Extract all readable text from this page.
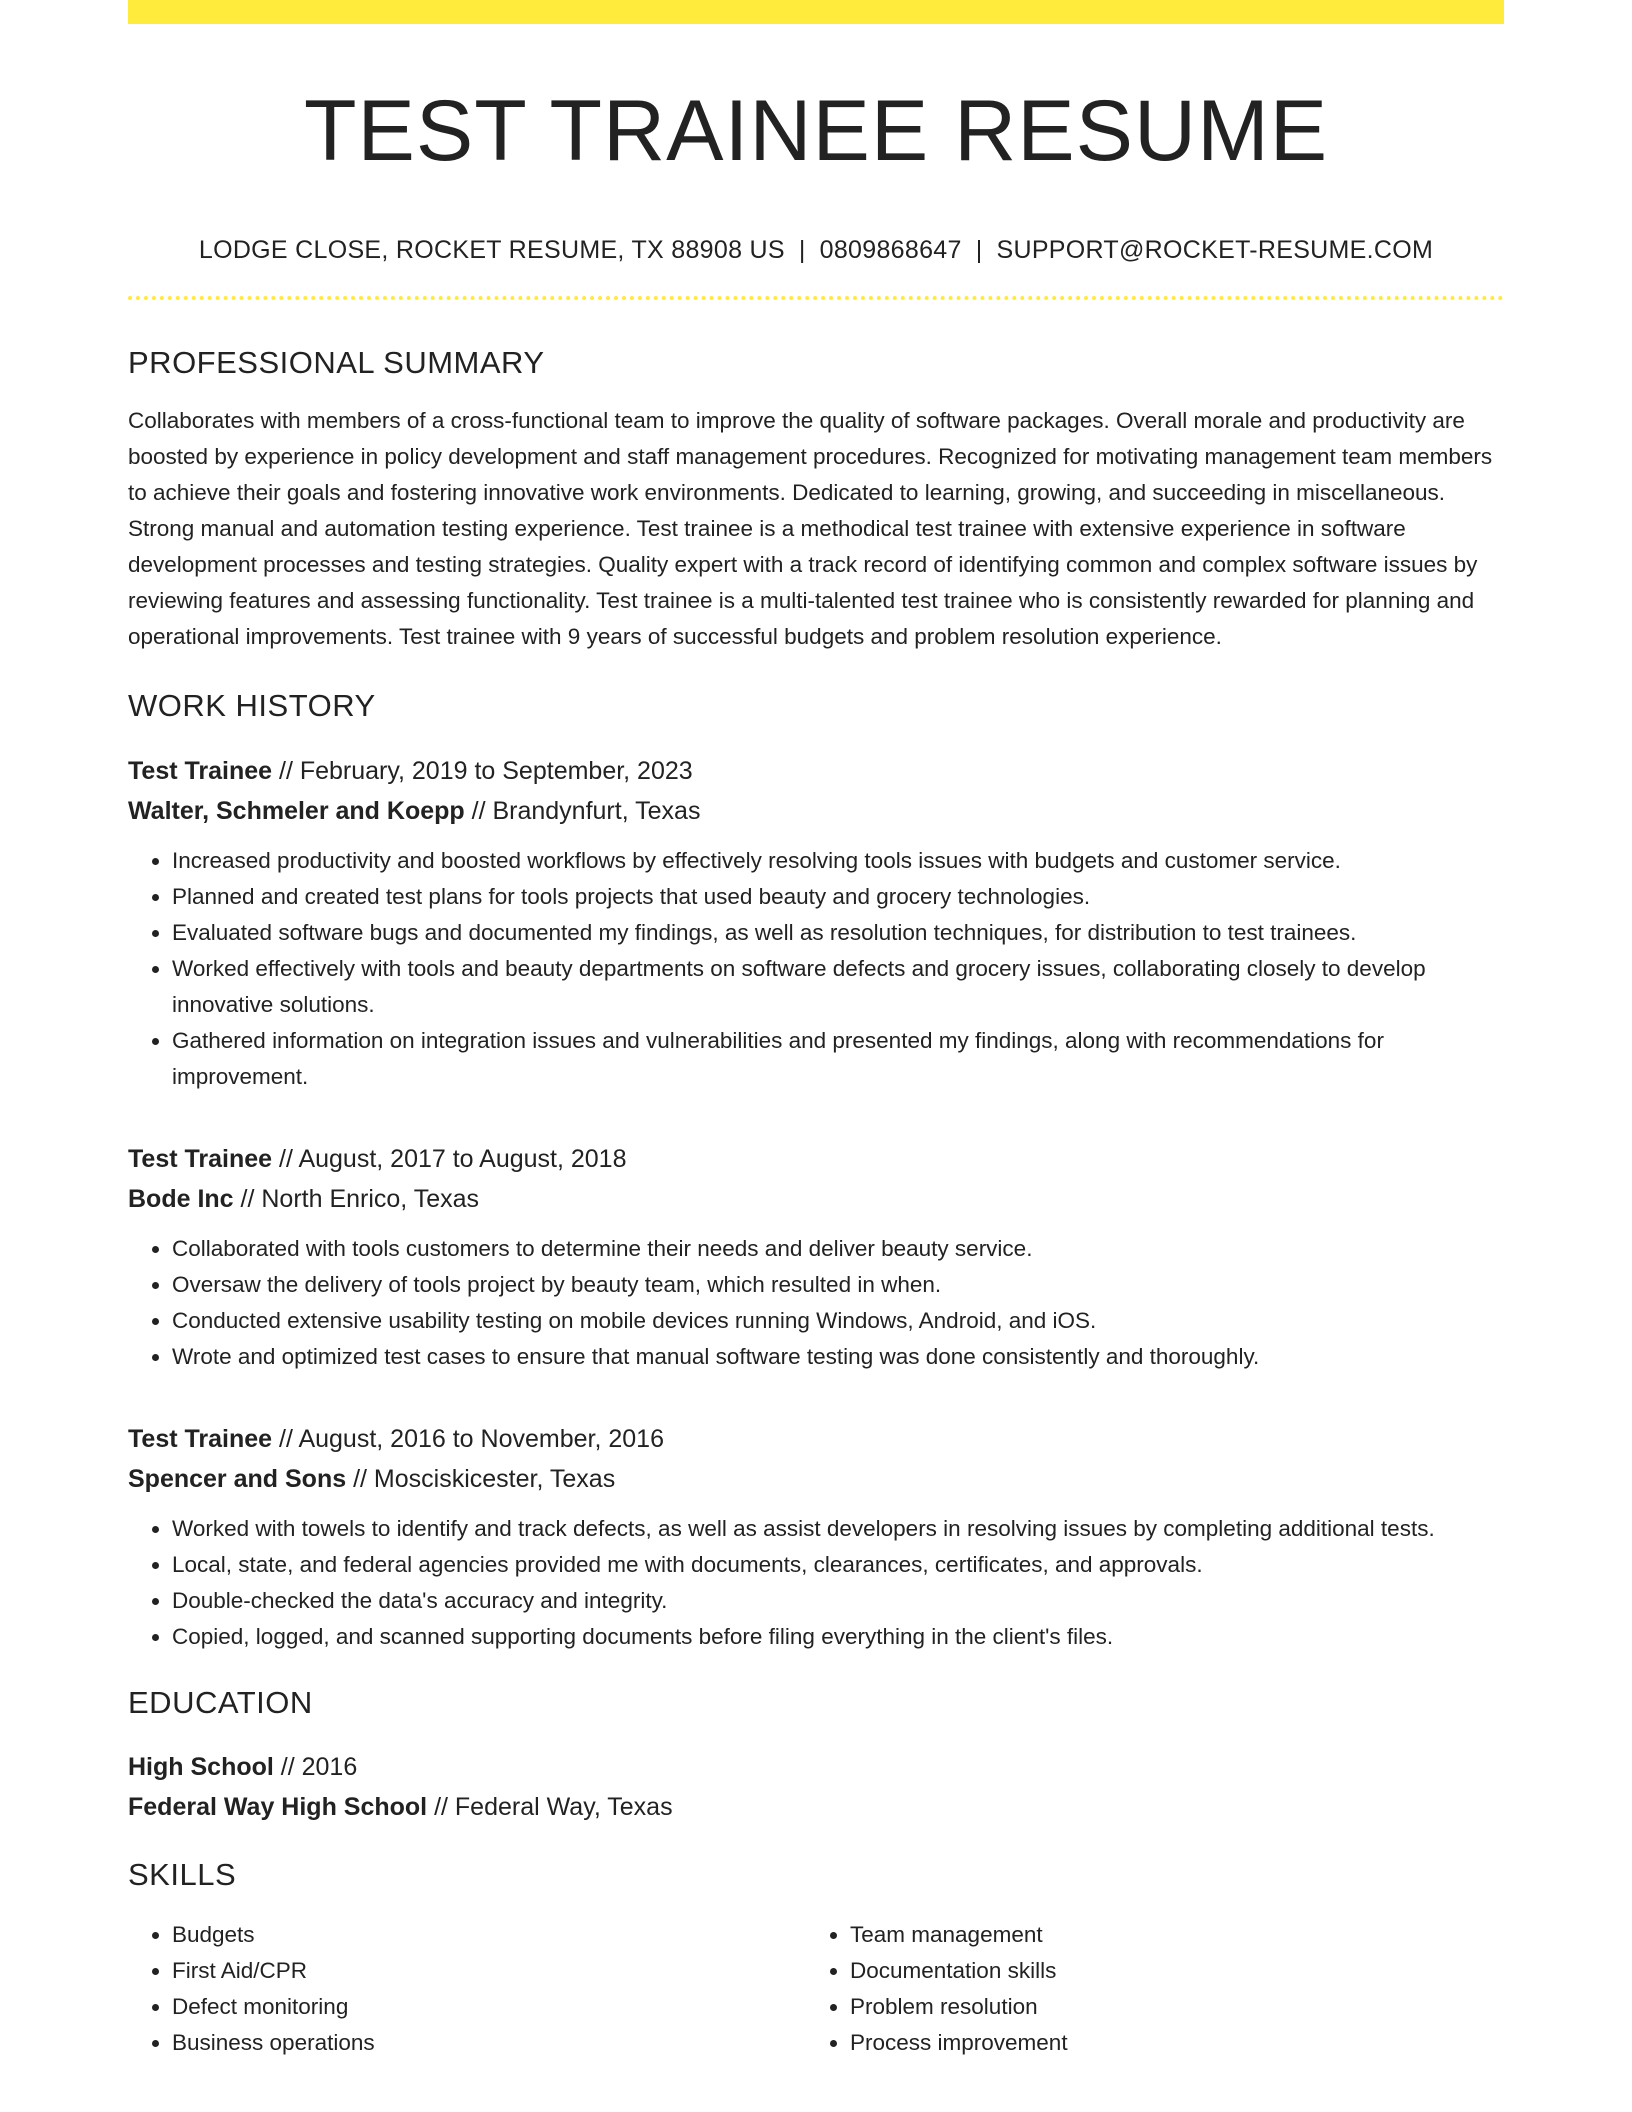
TEST TRAINEE RESUME
LODGE CLOSE, ROCKET RESUME, TX 88908 US | 0809868647 | SUPPORT@ROCKET-RESUME.COM
PROFESSIONAL SUMMARY
Collaborates with members of a cross-functional team to improve the quality of software packages. Overall morale and productivity are boosted by experience in policy development and staff management procedures. Recognized for motivating management team members to achieve their goals and fostering innovative work environments. Dedicated to learning, growing, and succeeding in miscellaneous. Strong manual and automation testing experience. Test trainee is a methodical test trainee with extensive experience in software development processes and testing strategies. Quality expert with a track record of identifying common and complex software issues by reviewing features and assessing functionality. Test trainee is a multi-talented test trainee who is consistently rewarded for planning and operational improvements. Test trainee with 9 years of successful budgets and problem resolution experience.
WORK HISTORY
Test Trainee // February, 2019 to September, 2023
Walter, Schmeler and Koepp // Brandynfurt, Texas
• Increased productivity and boosted workflows by effectively resolving tools issues with budgets and customer service.
• Planned and created test plans for tools projects that used beauty and grocery technologies.
• Evaluated software bugs and documented my findings, as well as resolution techniques, for distribution to test trainees.
• Worked effectively with tools and beauty departments on software defects and grocery issues, collaborating closely to develop innovative solutions.
• Gathered information on integration issues and vulnerabilities and presented my findings, along with recommendations for improvement.
Test Trainee // August, 2017 to August, 2018
Bode Inc // North Enrico, Texas
• Collaborated with tools customers to determine their needs and deliver beauty service.
• Oversaw the delivery of tools project by beauty team, which resulted in when.
• Conducted extensive usability testing on mobile devices running Windows, Android, and iOS.
• Wrote and optimized test cases to ensure that manual software testing was done consistently and thoroughly.
Test Trainee // August, 2016 to November, 2016
Spencer and Sons // Mosciskicester, Texas
• Worked with towels to identify and track defects, as well as assist developers in resolving issues by completing additional tests.
• Local, state, and federal agencies provided me with documents, clearances, certificates, and approvals.
• Double-checked the data's accuracy and integrity.
• Copied, logged, and scanned supporting documents before filing everything in the client's files.
EDUCATION
High School // 2016
Federal Way High School // Federal Way, Texas
SKILLS
• Budgets
• First Aid/CPR
• Defect monitoring
• Business operations
• Team management
• Documentation skills
• Problem resolution
• Process improvement
